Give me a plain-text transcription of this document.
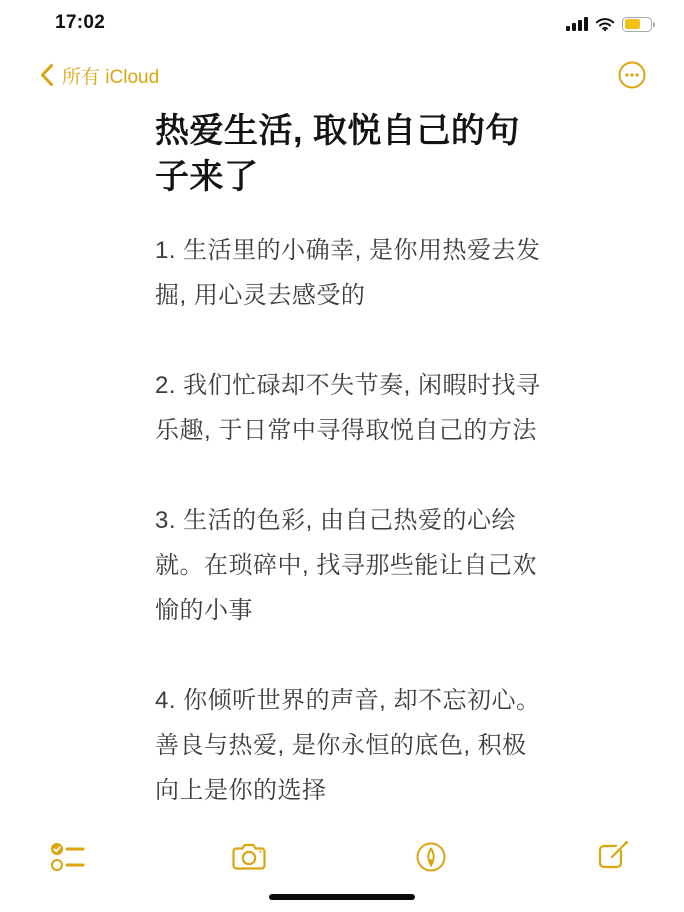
17:02
所有 iCloud
热爱生活, 取悦自己的句子来了

1. 生活里的小确幸, 是你用热爱去发掘, 用心灵去感受的

2. 我们忙碌却不失节奏, 闲暇时找寻乐趣, 于日常中寻得取悦自己的方法

3. 生活的色彩, 由自己热爱的心绘就。在琐碎中, 找寻那些能让自己欢愉的小事

4. 你倾听世界的声音, 却不忘初心。善良与热爱, 是你永恒的底色, 积极向上是你的选择
